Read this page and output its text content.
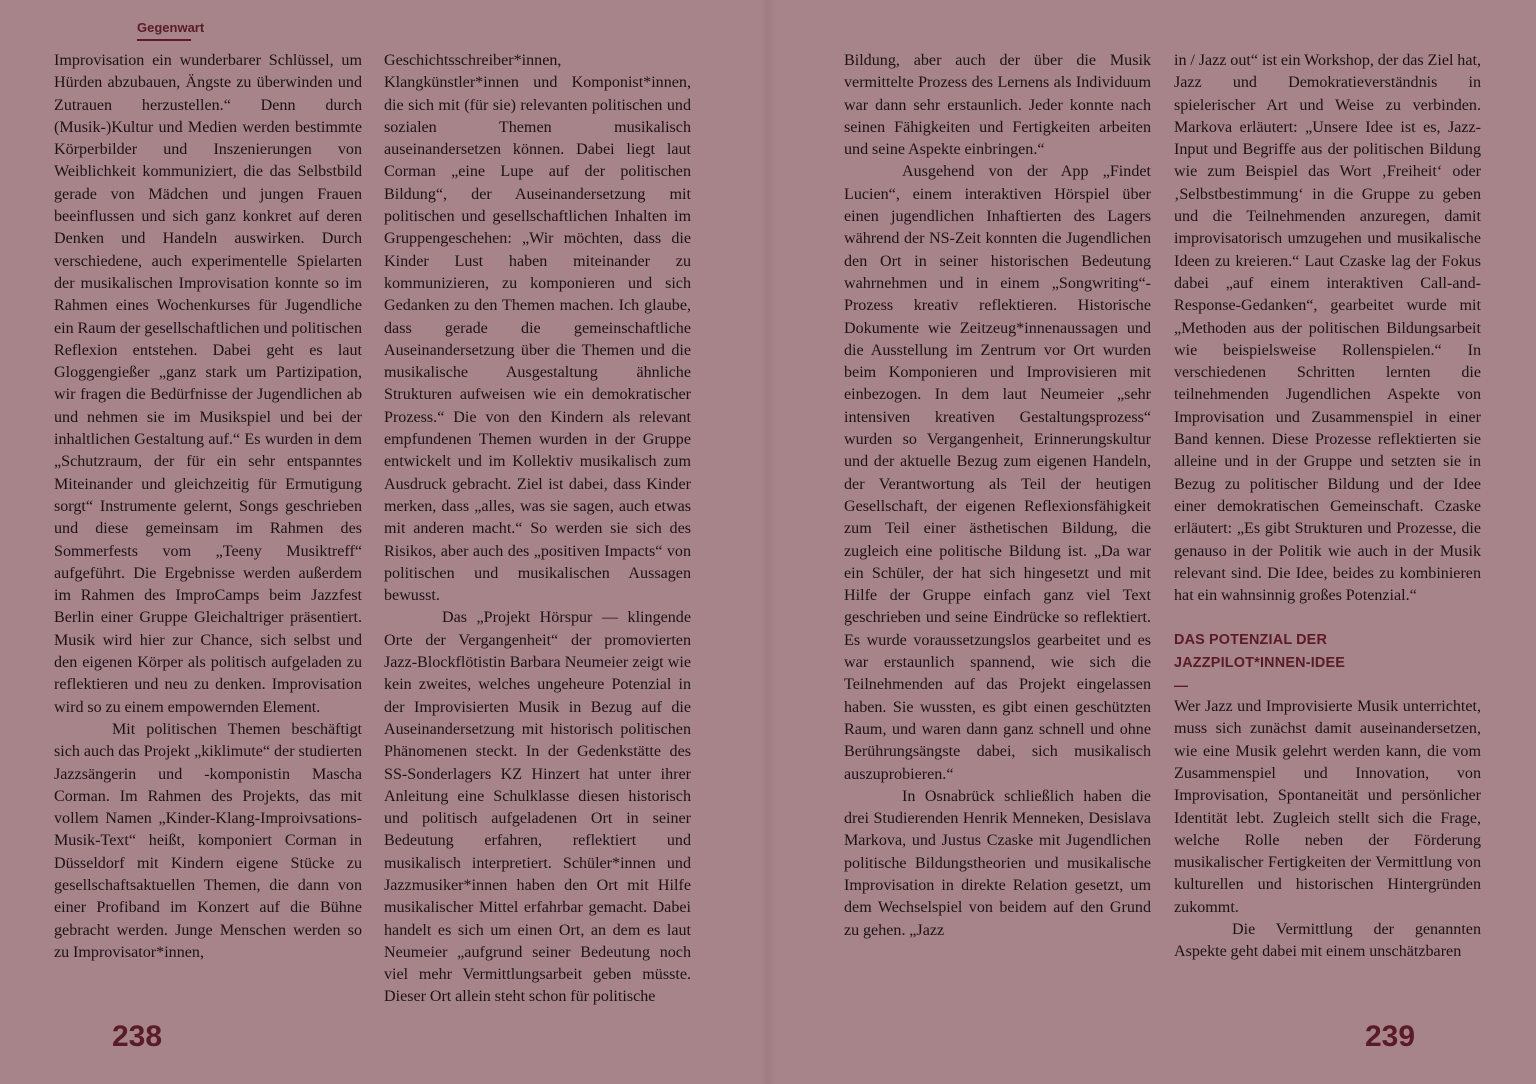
Gegenwart

Improvisation ein wunderbarer Schlüssel, um Hürden abzubauen, Ängste zu überwinden und Zutrauen herzustellen.“ Denn durch (Musik-)Kultur und Medien werden bestimmte Körperbilder und Inszenierungen von Weiblichkeit kommuniziert, die das Selbstbild gerade von Mädchen und jungen Frauen beeinflussen und sich ganz konkret auf deren Denken und Handeln auswirken. Durch verschiedene, auch experimentelle Spielarten der musikalischen Improvisation konnte so im Rahmen eines Wochenkurses für Jugendliche ein Raum der gesellschaftlichen und politischen Reflexion entstehen. Dabei geht es laut Gloggengießer „ganz stark um Partizipation, wir fragen die Bedürfnisse der Jugendlichen ab und nehmen sie im Musikspiel und bei der inhaltlichen Gestaltung auf.“ Es wurden in dem „Schutzraum, der für ein sehr entspanntes Miteinander und gleichzeitig für Ermutigung sorgt“ Instrumente gelernt, Songs geschrieben und diese gemeinsam im Rahmen des Sommerfests vom „Teeny Musiktreff“ aufgeführt. Die Ergebnisse werden außerdem im Rahmen des ImproCamps beim Jazzfest Berlin einer Gruppe Gleichaltriger präsentiert. Musik wird hier zur Chance, sich selbst und den eigenen Körper als politisch aufgeladen zu reflektieren und neu zu denken. Improvisation wird so zu einem empowernden Element.

Mit politischen Themen beschäftigt sich auch das Projekt „kiklimute“ der studierten Jazzsängerin und -komponistin Mascha Corman. Im Rahmen des Projekts, das mit vollem Namen „Kinder-Klang-Improivsations-Musik-Text“ heißt, komponiert Corman in Düsseldorf mit Kindern eigene Stücke zu gesellschaftsaktuellen Themen, die dann von einer Profiband im Konzert auf die Bühne gebracht werden. Junge Menschen werden so zu Improvisator*innen,

Geschichtsschreiber*innen, Klangkünstler*innen und Komponist*innen, die sich mit (für sie) relevanten politischen und sozialen Themen musikalisch auseinandersetzen können. Dabei liegt laut Corman „eine Lupe auf der politischen Bildung“, der Auseinandersetzung mit politischen und gesellschaftlichen Inhalten im Gruppengeschehen: „Wir möchten, dass die Kinder Lust haben miteinander zu kommunizieren, zu komponieren und sich Gedanken zu den Themen machen. Ich glaube, dass gerade die gemeinschaftliche Auseinandersetzung über die Themen und die musikalische Ausgestaltung ähnliche Strukturen aufweisen wie ein demokratischer Prozess.“ Die von den Kindern als relevant empfundenen Themen wurden in der Gruppe entwickelt und im Kollektiv musikalisch zum Ausdruck gebracht. Ziel ist dabei, dass Kinder merken, dass „alles, was sie sagen, auch etwas mit anderen macht.“ So werden sie sich des Risikos, aber auch des „positiven Impacts“ von politischen und musikalischen Aussagen bewusst.

Das „Projekt Hörspur — klingende Orte der Vergangenheit“ der promovierten Jazz-Blockflötistin Barbara Neumeier zeigt wie kein zweites, welches ungeheure Potenzial in der Improvisierten Musik in Bezug auf die Auseinandersetzung mit historisch politischen Phänomenen steckt. In der Gedenkstätte des SS-Sonderlagers KZ Hinzert hat unter ihrer Anleitung eine Schulklasse diesen historisch und politisch aufgeladenen Ort in seiner Bedeutung erfahren, reflektiert und musikalisch interpretiert. Schüler*innen und Jazzmusiker*innen haben den Ort mit Hilfe musikalischer Mittel erfahrbar gemacht. Dabei handelt es sich um einen Ort, an dem es laut Neumeier „aufgrund seiner Bedeutung noch viel mehr Vermittlungsarbeit geben müsste. Dieser Ort allein steht schon für politische

Bildung, aber auch der über die Musik vermittelte Prozess des Lernens als Individuum war dann sehr erstaunlich. Jeder konnte nach seinen Fähigkeiten und Fertigkeiten arbeiten und seine Aspekte einbringen.“

Ausgehend von der App „Findet Lucien“, einem interaktiven Hörspiel über einen jugendlichen Inhaftierten des Lagers während der NS-Zeit konnten die Jugendlichen den Ort in seiner historischen Bedeutung wahrnehmen und in einem „Songwriting“-Prozess kreativ reflektieren. Historische Dokumente wie Zeitzeug*innenaussagen und die Ausstellung im Zentrum vor Ort wurden beim Komponieren und Improvisieren mit einbezogen. In dem laut Neumeier „sehr intensiven kreativen Gestaltungsprozess“ wurden so Vergangenheit, Erinnerungskultur und der aktuelle Bezug zum eigenen Handeln, der Verantwortung als Teil der heutigen Gesellschaft, der eigenen Reflexionsfähigkeit zum Teil einer ästhetischen Bildung, die zugleich eine politische Bildung ist. „Da war ein Schüler, der hat sich hingesetzt und mit Hilfe der Gruppe einfach ganz viel Text geschrieben und seine Eindrücke so reflektiert. Es wurde voraussetzungslos gearbeitet und es war erstaunlich spannend, wie sich die Teilnehmenden auf das Projekt eingelassen haben. Sie wussten, es gibt einen geschützten Raum, und waren dann ganz schnell und ohne Berührungsängste dabei, sich musikalisch auszuprobieren.“

In Osnabrück schließlich haben die drei Studierenden Henrik Menneken, Desislava Markova, und Justus Czaske mit Jugendlichen politische Bildungstheorien und musikalische Improvisation in direkte Relation gesetzt, um dem Wechselspiel von beidem auf den Grund zu gehen. „Jazz

in / Jazz out“ ist ein Workshop, der das Ziel hat, Jazz und Demokratieverständnis in spielerischer Art und Weise zu verbinden. Markova erläutert: „Unsere Idee ist es, Jazz-Input und Begriffe aus der politischen Bildung wie zum Beispiel das Wort ‚Freiheit‘ oder ‚Selbstbestimmung‘ in die Gruppe zu geben und die Teilnehmenden anzuregen, damit improvisatorisch umzugehen und musikalische Ideen zu kreieren.“ Laut Czaske lag der Fokus dabei „auf einem interaktiven Call-and-Response-Gedanken“, gearbeitet wurde mit „Methoden aus der politischen Bildungsarbeit wie beispielsweise Rollenspielen.“ In verschiedenen Schritten lernten die teilnehmenden Jugendlichen Aspekte von Improvisation und Zusammenspiel in einer Band kennen. Diese Prozesse reflektierten sie alleine und in der Gruppe und setzten sie in Bezug zu politischer Bildung und der Idee einer demokratischen Gemeinschaft. Czaske erläutert: „Es gibt Strukturen und Prozesse, die genauso in der Politik wie auch in der Musik relevant sind. Die Idee, beides zu kombinieren hat ein wahnsinnig großes Potenzial.“

DAS POTENZIAL DER
JAZZPILOT*INNEN-IDEE
—

Wer Jazz und Improvisierte Musik unterrichtet, muss sich zunächst damit auseinandersetzen, wie eine Musik gelehrt werden kann, die vom Zusammenspiel und Innovation, von Improvisation, Spontaneität und persönlicher Identität lebt. Zugleich stellt sich die Frage, welche Rolle neben der Förderung musikalischer Fertigkeiten der Vermittlung von kulturellen und historischen Hintergründen zukommt.

Die Vermittlung der genannten Aspekte geht dabei mit einem unschätzbaren

238	239
